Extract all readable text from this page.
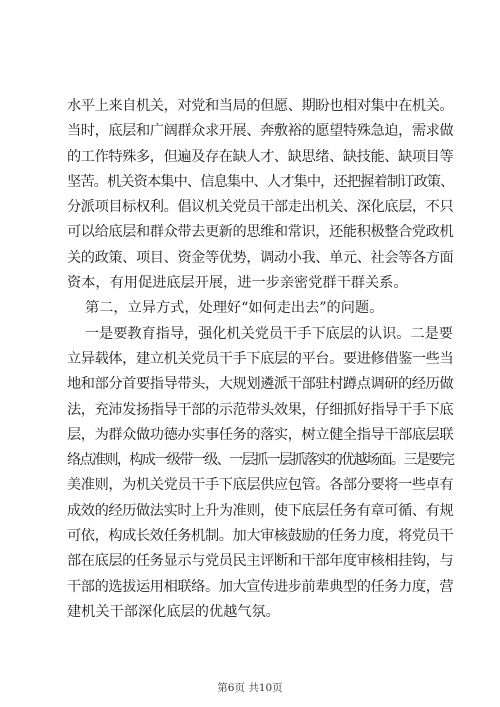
水平上来自机关，对党和当局的但愿、期盼也相对集中在机关。
当时，底层和广阔群众求开展、奔敷裕的愿望特殊急迫，需求做
的工作特殊多，但遍及存在缺人才、缺思绪、缺技能、缺项目等
坚苦。机关资本集中、信息集中、人才集中，还把握着制订政策、
分派项目标权利。倡议机关党员干部走出机关、深化底层，不只
可以给底层和群众带去更新的思维和常识，还能积极整合党政机
关的政策、项目、资金等优势，调动小我、单元、社会等各方面
资本，有用促进底层开展，进一步亲密党群干群关系。

第二，立异方式，处理好“如何走出去”的问题。

一是要教育指导，强化机关党员干手下底层的认识。二是要
立异载体，建立机关党员干手下底层的平台。要进修借鉴一些当
地和部分首要指导带头，大规划遴派干部驻村蹲点调研的经历做
法，充沛发扬指导干部的示范带头效果，仔细抓好指导干手下底
层，为群众做功德办实事任务的落实，树立健全指导干部底层联
络点准则，构成一级带一级、一层抓一层抓落实的优越场面。三是要完
美准则，为机关党员干手下底层供应包管。各部分要将一些卓有
成效的经历做法实时上升为准则，使下底层任务有章可循、有规
可依，构成长效任务机制。加大审核鼓励的任务力度，将党员干
部在底层的任务显示与党员民主评断和干部年度审核相挂钩，与
干部的选拔运用相联络。加大宣传进步前辈典型的任务力度，营
建机关干部深化底层的优越气氛。

第6页 共10页
